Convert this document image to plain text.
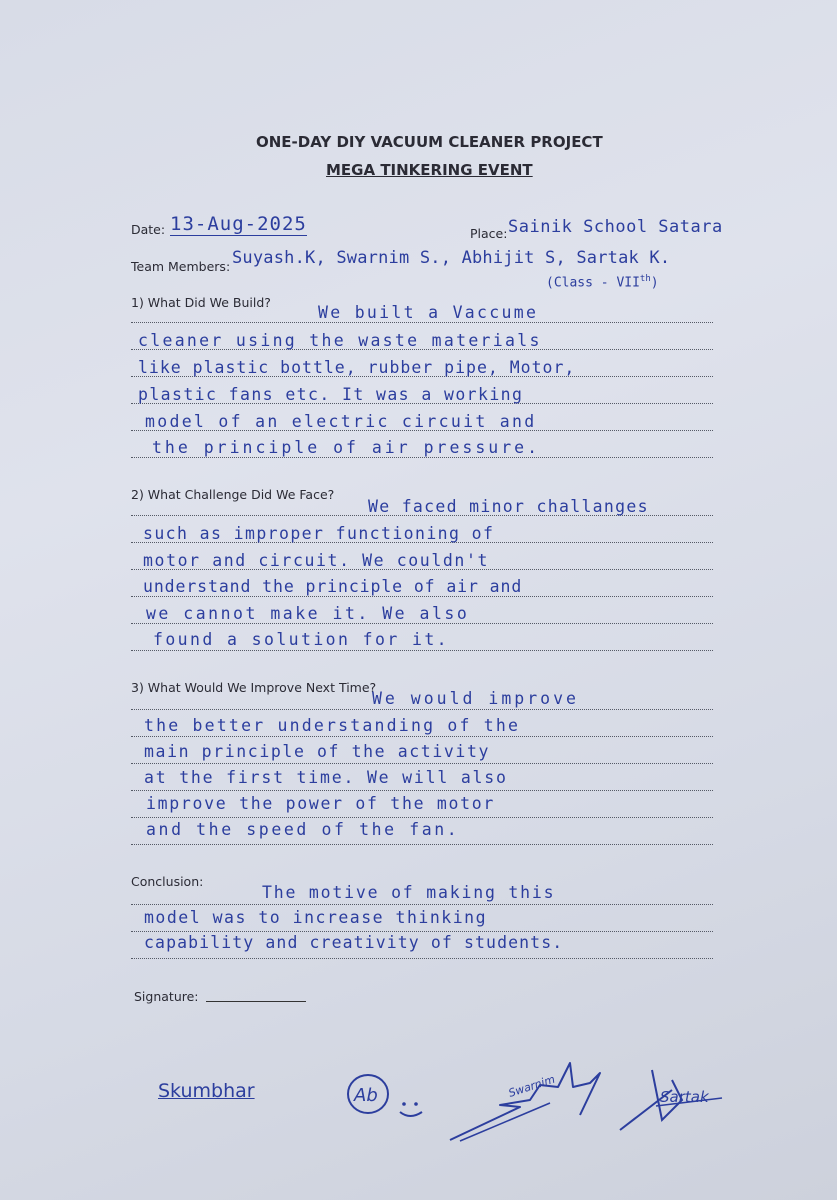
ONE-DAY DIY VACUUM CLEANER PROJECT
MEGA TINKERING EVENT
Date: 13-Aug-2025	Place: Sainik School Satara
Team Members: Suyash.K, Swarnim S., Abhijit S, Sartak K.
(Class - VIIth)
1) What Did We Build?
We built a Vaccume
cleaner using the waste materials
like plastic bottle, rubber pipe, Motor,
plastic fans etc. It was a working
model of an electric circuit and
the principle of air pressure.
2) What Challenge Did We Face?
We faced minor challanges
such as improper functioning of
motor and circuit. We couldn't
understand the principle of air and
we cannot make it. We also
found a solution for it.
3) What Would We Improve Next Time?
We would improve
the better understanding of the
main principle of the activity
at the first time. We will also
improve the power of the motor
and the speed of the fan.
Conclusion:
The motive of making this
model was to increase thinking
capability and creativity of students.
Signature:
Skumbhar	Ab	Swarnim	Sartak
